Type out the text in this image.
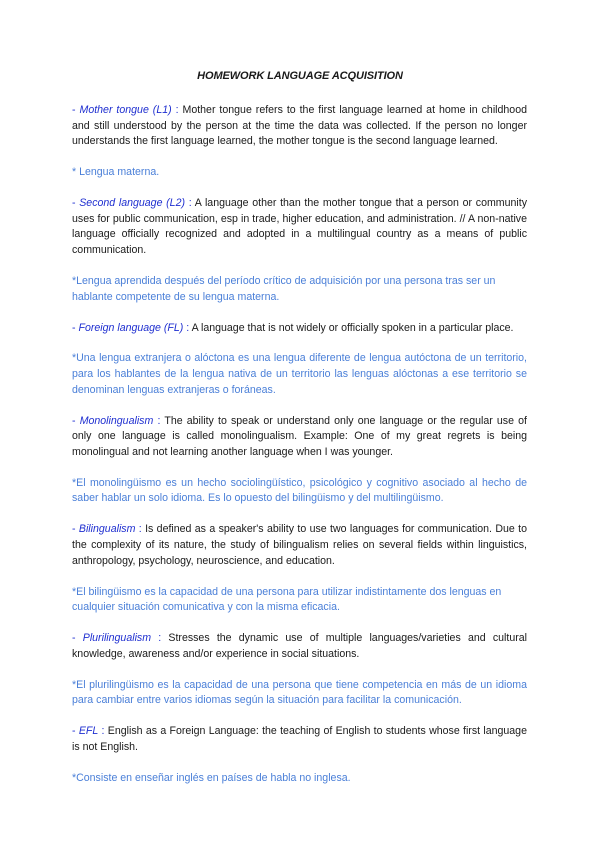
HOMEWORK LANGUAGE ACQUISITION

- Mother tongue (L1) : Mother tongue refers to the first language learned at home in childhood and still understood by the person at the time the data was collected. If the person no longer understands the first language learned, the mother tongue is the second language learned.

* Lengua materna.

- Second language (L2) : A language other than the mother tongue that a person or community uses for public communication, esp in trade, higher education, and administration. // A non-native language officially recognized and adopted in a multilingual country as a means of public communication.

*Lengua aprendida después del período crítico de adquisición por una persona tras ser un hablante competente de su lengua materna.

- Foreign language (FL) : A language that is not widely or officially spoken in a particular place.

*Una lengua extranjera o alóctona es una lengua diferente de lengua autóctona de un territorio, para los hablantes de la lengua nativa de un territorio las lenguas alóctonas a ese territorio se denominan lenguas extranjeras o foráneas.

- Monolingualism : The ability to speak or understand only one language or the regular use of only one language is called monolingualism. Example: One of my great regrets is being monolingual and not learning another language when I was younger.

*El monolingüismo es un hecho sociolingüístico, psicológico y cognitivo asociado al hecho de saber hablar un solo idioma. Es lo opuesto del bilingüismo y del multilingüismo.

- Bilingualism : Is defined as a speaker's ability to use two languages for communication. Due to the complexity of its nature, the study of bilingualism relies on several fields within linguistics, anthropology, psychology, neuroscience, and education.

*El bilingüismo es la capacidad de una persona para utilizar indistintamente dos lenguas en cualquier situación comunicativa y con la misma eficacia.

- Plurilingualism : Stresses the dynamic use of multiple languages/varieties and cultural knowledge, awareness and/or experience in social situations.

*El plurilingüismo es la capacidad de una persona que tiene competencia en más de un idioma para cambiar entre varios idiomas según la situación para facilitar la comunicación.

- EFL : English as a Foreign Language: the teaching of English to students whose first language is not English.

*Consiste en enseñar inglés en países de habla no inglesa.
